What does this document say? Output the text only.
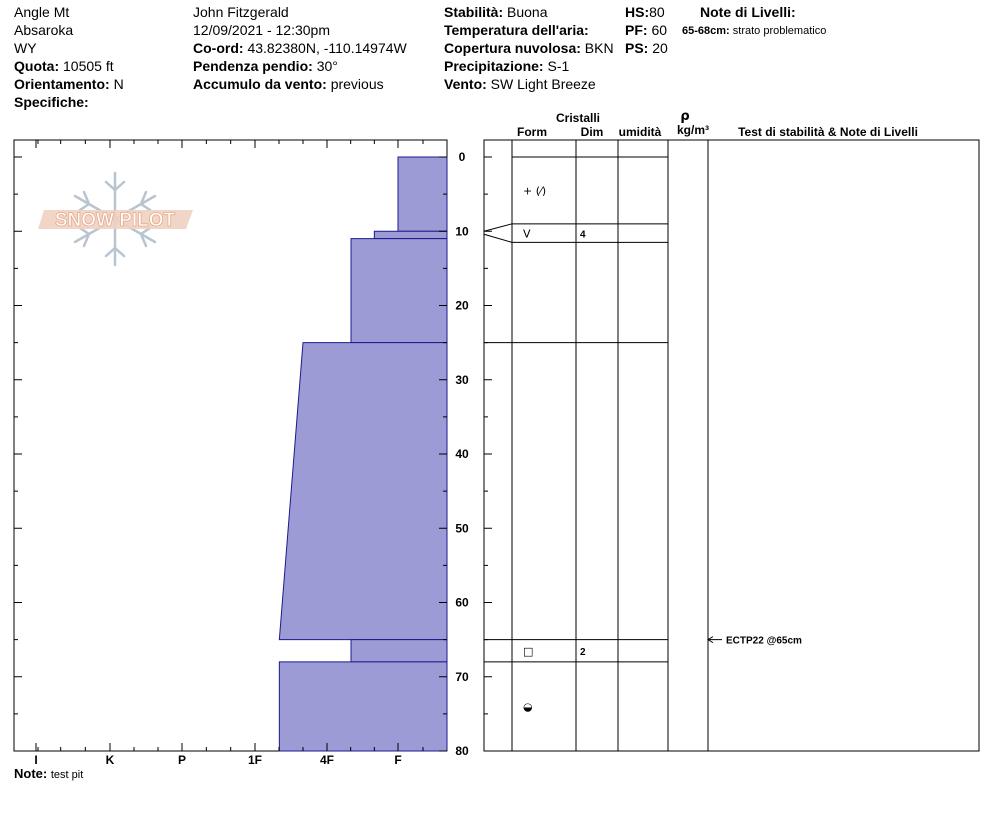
Angle Mt
Absaroka
WY
Quota: 10505 ft
Orientamento: N
Specifiche:
John Fitzgerald
12/09/2021 - 12:30pm
Co-ord: 43.82380N, -110.14974W
Pendenza pendio: 30°
Accumulo da vento: previous
Stabilità: Buona
Temperatura dell'aria:
Copertura nuvolosa: BKN
Precipitazione: S-1
Vento: SW Light Breeze
HS:80
PF: 60
PS: 20
Note di Livelli:
65-68cm: strato problematico
SNOW PILOT
I	K	P	1F	4F	F
0
10
20
30
40
50
60
70
80
+ (⁄)
V	4
□	2
◒
ECTP22 @65cm
Cristalli
Form	Dim umidità
ρ
kg/m³ Test di stabilità & Note di Livelli
Note: test pit
